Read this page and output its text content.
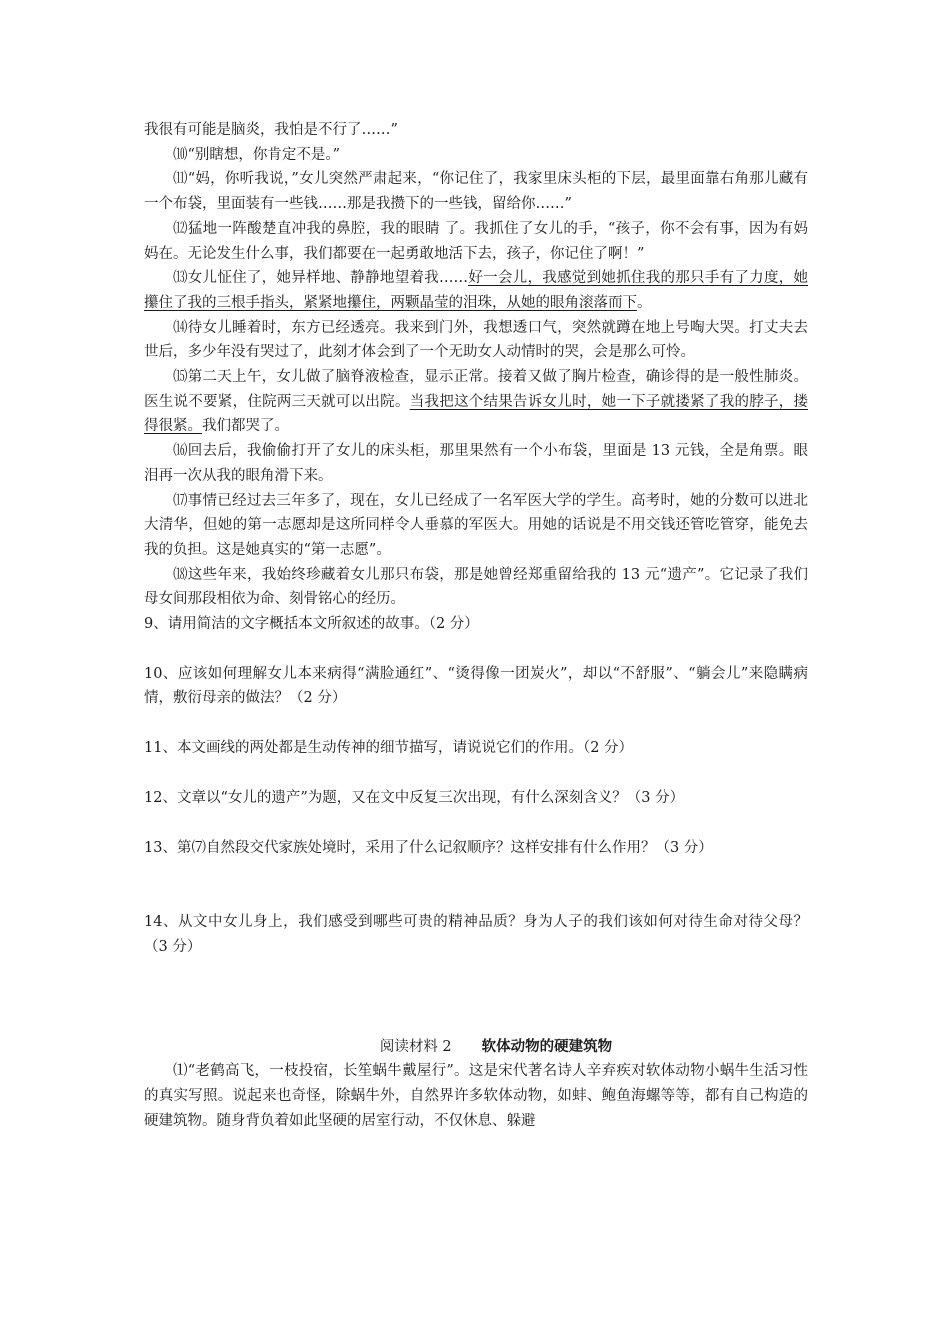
我很有可能是脑炎，我怕是不行了……”

⑽“别瞎想，你肯定不是。”

⑾“妈，你听我说，”女儿突然严肃起来，“你记住了，我家里床头柜的下层，最里面靠右角那儿藏有一个布袋，里面装有一些钱……那是我攒下的一些钱，留给你……”

⑿猛地一阵酸楚直冲我的鼻腔，我的眼睛 了。我抓住了女儿的手，“孩子，你不会有事，因为有妈妈在。无论发生什么事，我们都要在一起勇敢地活下去，孩子，你记住了啊！”

⒀女儿怔住了，她异样地、静静地望着我……好一会儿，我感觉到她抓住我的那只手有了力度，她攥住了我的三根手指头，紧紧地攥住，两颗晶莹的泪珠，从她的眼角滚落而下。

⒁待女儿睡着时，东方已经透亮。我来到门外，我想透口气，突然就蹲在地上号啕大哭。打丈夫去世后，多少年没有哭过了，此刻才体会到了一个无助女人动情时的哭，会是那么可怜。

⒂第二天上午，女儿做了脑脊液检查，显示正常。接着又做了胸片检查，确诊得的是一般性肺炎。医生说不要紧，住院两三天就可以出院。当我把这个结果告诉女儿时，她一下子就搂紧了我的脖子，搂得很紧。我们都哭了。

⒃回去后，我偷偷打开了女儿的床头柜，那里果然有一个小布袋，里面是 13 元钱，全是角票。眼泪再一次从我的眼角滑下来。

⒄事情已经过去三年多了，现在，女儿已经成了一名军医大学的学生。高考时，她的分数可以进北大清华，但她的第一志愿却是这所同样令人垂慕的军医大。用她的话说是不用交钱还管吃管穿，能免去我的负担。这是她真实的“第一志愿”。

⒅这些年来，我始终珍藏着女儿那只布袋，那是她曾经郑重留给我的 13 元“遗产”。它记录了我们母女间那段相依为命、刻骨铭心的经历。

9、请用简洁的文字概括本文所叙述的故事。（2 分）

10、应该如何理解女儿本来病得“满脸通红”、“烫得像一团炭火”，却以“不舒服”、“躺会儿”来隐瞒病情，敷衍母亲的做法？（2 分）

11、本文画线的两处都是生动传神的细节描写，请说说它们的作用。（2 分）

12、文章以“女儿的遗产”为题，又在文中反复三次出现，有什么深刻含义？（3 分）

13、第⑺自然段交代家族处境时，采用了什么记叙顺序？这样安排有什么作用？（3 分）

14、从文中女儿身上，我们感受到哪些可贵的精神品质？身为人子的我们该如何对待生命对待父母？（3 分）

阅读材料 2 软体动物的硬建筑物

⑴“老鹤高飞，一枝投宿，长笙蜗牛戴屋行”。这是宋代著名诗人辛弃疾对软体动物小蜗牛生活习性的真实写照。说起来也奇怪，除蜗牛外，自然界许多软体动物，如蚌、鲍鱼海螺等等，都有自己构造的硬建筑物。随身背负着如此坚硬的居室行动，不仅休息、躲避
